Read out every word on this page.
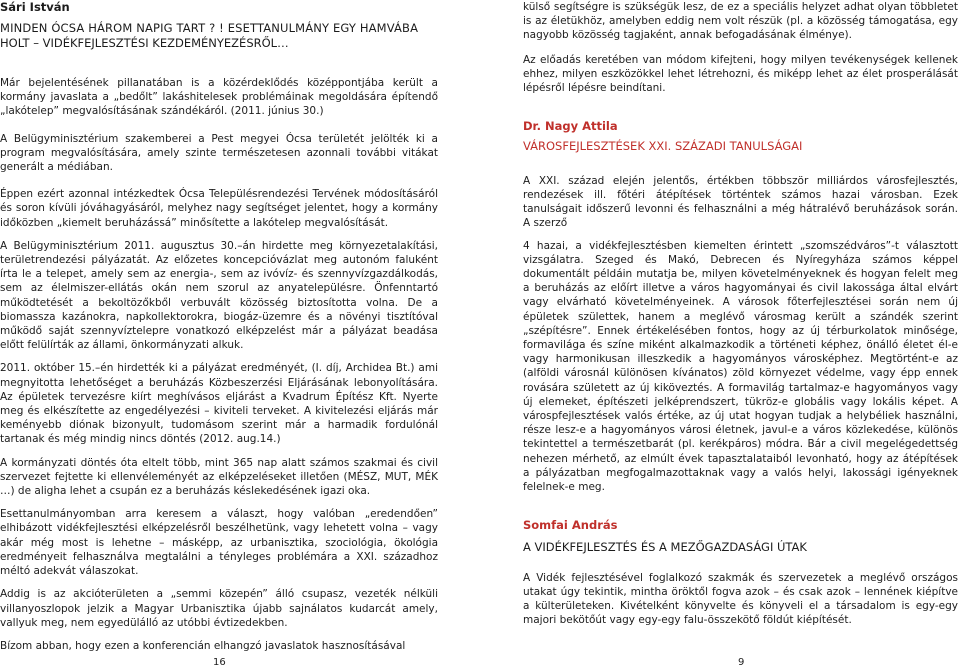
Sári István
MINDEN ÓCSA HÁROM NAPIG TART ? ! ESETTANULMÁNY EGY HAMVÁBA
HOLT – VIDÉKFEJLESZTÉSI KEZDEMÉNYEZÉSRŐL…

Már bejelentésének pillanatában is a közérdeklődés középpontjába került a kormány javaslata a „bedőlt” lakáshitelesek problémáinak megoldására építendő „lakótelep” megvalósításának szándékáról. (2011. június 30.)

A Belügyminisztérium szakemberei a Pest megyei Ócsa területét jelölték ki a program megvalósítására, amely szinte természetesen azonnali további vitákat generált a médiában.

Éppen ezért azonnal intézkedtek Ócsa Településrendezési Tervének módosításáról és soron kívüli jóváhagyásáról, melyhez nagy segítséget jelentet, hogy a kormány időközben „kiemelt beruházássá” minősítette a lakótelep megvalósítását.

A Belügyminisztérium 2011. augusztus 30.–án hirdette meg környezetalakítási, területrendezési pályázatát. Az előzetes koncepcióvázlat meg autonóm faluként írta le a telepet, amely sem az energia-, sem az ivóvíz- és szennyvízgazdálkodás, sem az élelmiszer-ellátás okán nem szorul az anyatelepülésre. Önfenntartó működtetését a bekoltözőkből verbuvált közösség biztosította volna. De a biomassza kazánokra, napkollektorokra, biogáz-üzemre és a növényi tisztítóval működő saját szennyvíztelepre vonatkozó elképzelést már a pályázat beadása előtt felülírták az állami, önkormányzati alkuk.

2011. október 15.–én hirdették ki a pályázat eredményét, (I. díj, Archidea Bt.) ami megnyitotta lehetőséget a beruházás Közbeszerzési Eljárásának lebonyolítására. Az épületek tervezésre kiírt meghívásos eljárást a Kvadrum Építész Kft. Nyerte meg és elkészítette az engedélyezési – kiviteli terveket. A kivitelezési eljárás már keményebb diónak bizonyult, tudomásom szerint már a harmadik fordulónál tartanak és még mindig nincs döntés (2012. aug.14.)

A kormányzati döntés óta eltelt több, mint 365 nap alatt számos szakmai és civil szervezet fejtette ki ellenvéleményét az elképzeléseket illetően (MÉSZ, MUT, MÉK …) de aligha lehet a csupán ez a beruházás késlekedésének igazi oka.

Esettanulmányomban arra keresem a választ, hogy valóban „eredendően” elhibázott vidékfejlesztési elképzelésről beszélhetünk, vagy lehetett volna – vagy akár még most is lehetne – másképp, az urbanisztika, szociológia, ökológia eredményeit felhasználva megtalálni a tényleges problémára a XXI. századhoz méltó adekvát válaszokat.

Addig is az akcióterületen a „semmi közepén” álló csupasz, vezeték nélküli villanyoszlopok jelzik a Magyar Urbanisztika újabb sajnálatos kudarcát amely, vallyuk meg, nem egyedülálló az utóbbi évtizedekben.

Bízom abban, hogy ezen a konferencián elhangzó javaslatok hasznosításával

külső segítségre is szükségük lesz, de ez a speciális helyzet adhat olyan többletet is az életükhöz, amelyben eddig nem volt részük (pl. a közösség támogatása, egy nagyobb közösség tagjaként, annak befogadásának élménye).

Az előadás keretében van módom kifejteni, hogy milyen tevékenységek kellenek ehhez, milyen eszközökkel lehet létrehozni, és miképp lehet az élet prosperálását lépésről lépésre beindítani.

Dr. Nagy Attila
VÁROSFEJLESZTÉSEK XXI. SZÁZADI TANULSÁGAI

A XXI. század elején jelentős, értékben többször milliárdos városfejlesztés, rendezések ill. főtéri átépítések történtek számos hazai városban. Ezek tanulságait időszerű levonni és felhasználni a még hátralévő beruházások során. A szerző

4 hazai, a vidékfejlesztésben kiemelten érintett „szomszédváros”-t választott vizsgálatra. Szeged és Makó, Debrecen és Nyíregyháza számos képpel dokumentált példáin mutatja be, milyen követelményeknek és hogyan felelt meg a beruházás az előírt illetve a város hagyományai és civil lakossága által elvárt vagy elvárható követelményeinek. A városok főterfejlesztései során nem új épületek születtek, hanem a meglévő városmag került a szándék szerint „szépítésre”. Ennek értékelésében fontos, hogy az új térburkolatok minősége, formavilága és színe miként alkalmazkodik a történeti képhez, önálló életet él-e vagy harmonikusan illeszkedik a hagyományos városképhez. Megtörtént-e az (alföldi városnál különösen kívánatos) zöld környezet védelme, vagy épp ennek rovására született az új kiköveztés. A formavilág tartalmaz-e hagyományos vagy új elemeket, építészeti jelképrendszert, tükröz-e globális vagy lokális képet. A várospfejlesztések valós értéke, az új utat hogyan tudjak a helybéliek használni, része lesz-e a hagyományos városi életnek, javul-e a város közlekedése, különös tekintettel a természetbarát (pl. kerékpáros) módra. Bár a civil megelégedettség nehezen mérhető, az elmúlt évek tapasztalataiból levonható, hogy az átépítések a pályázatban megfogalmazottaknak vagy a valós helyi, lakossági igényeknek felelnek-e meg.

Somfai András
A VIDÉKFEJLESZTÉS ÉS A MEZŐGAZDASÁGI ÚTAK

A Vidék fejlesztésével foglalkozó szakmák és szervezetek a meglévő országos utakat úgy tekintik, mintha öröktől fogva azok – és csak azok – lennének kiépítve a külterületeken. Kivételként könyvelte és könyveli el a társadalom is egy-egy majori bekötőút vagy egy-egy falu-összekötő földút kiépítését.

16	9
